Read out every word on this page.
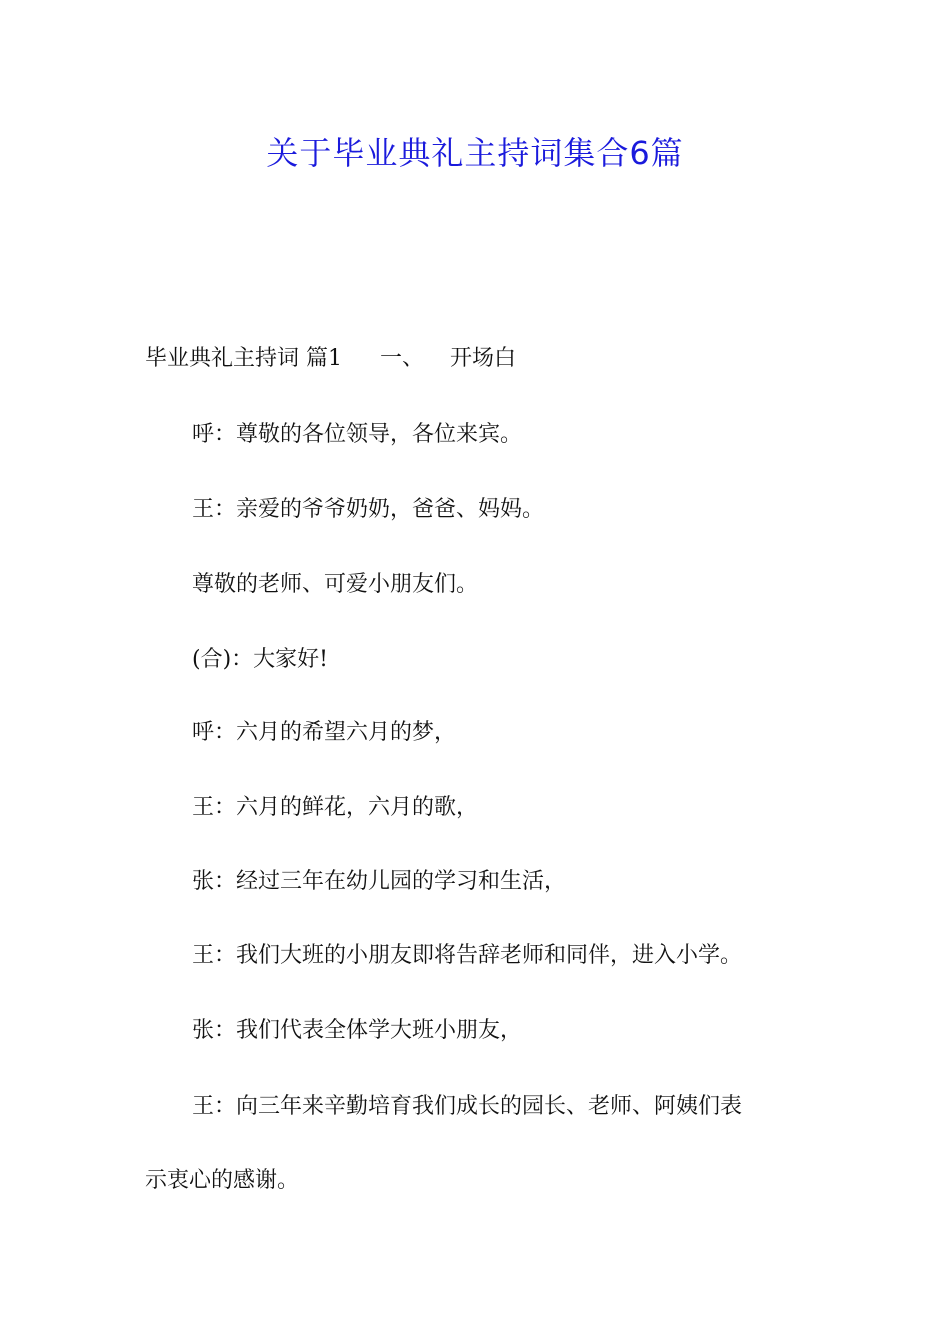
关于毕业典礼主持词集合6篇

毕业典礼主持词 篇1 一、 开场白

呼：尊敬的各位领导，各位来宾。

王：亲爱的爷爷奶奶，爸爸、妈妈。

尊敬的老师、可爱小朋友们。

(合)：大家好!

呼：六月的希望六月的梦，

王：六月的鲜花，六月的歌，

张：经过三年在幼儿园的学习和生活，

王：我们大班的小朋友即将告辞老师和同伴，进入小学。

张：我们代表全体学大班小朋友，

王：向三年来辛勤培育我们成长的园长、老师、阿姨们表

示衷心的感谢。
